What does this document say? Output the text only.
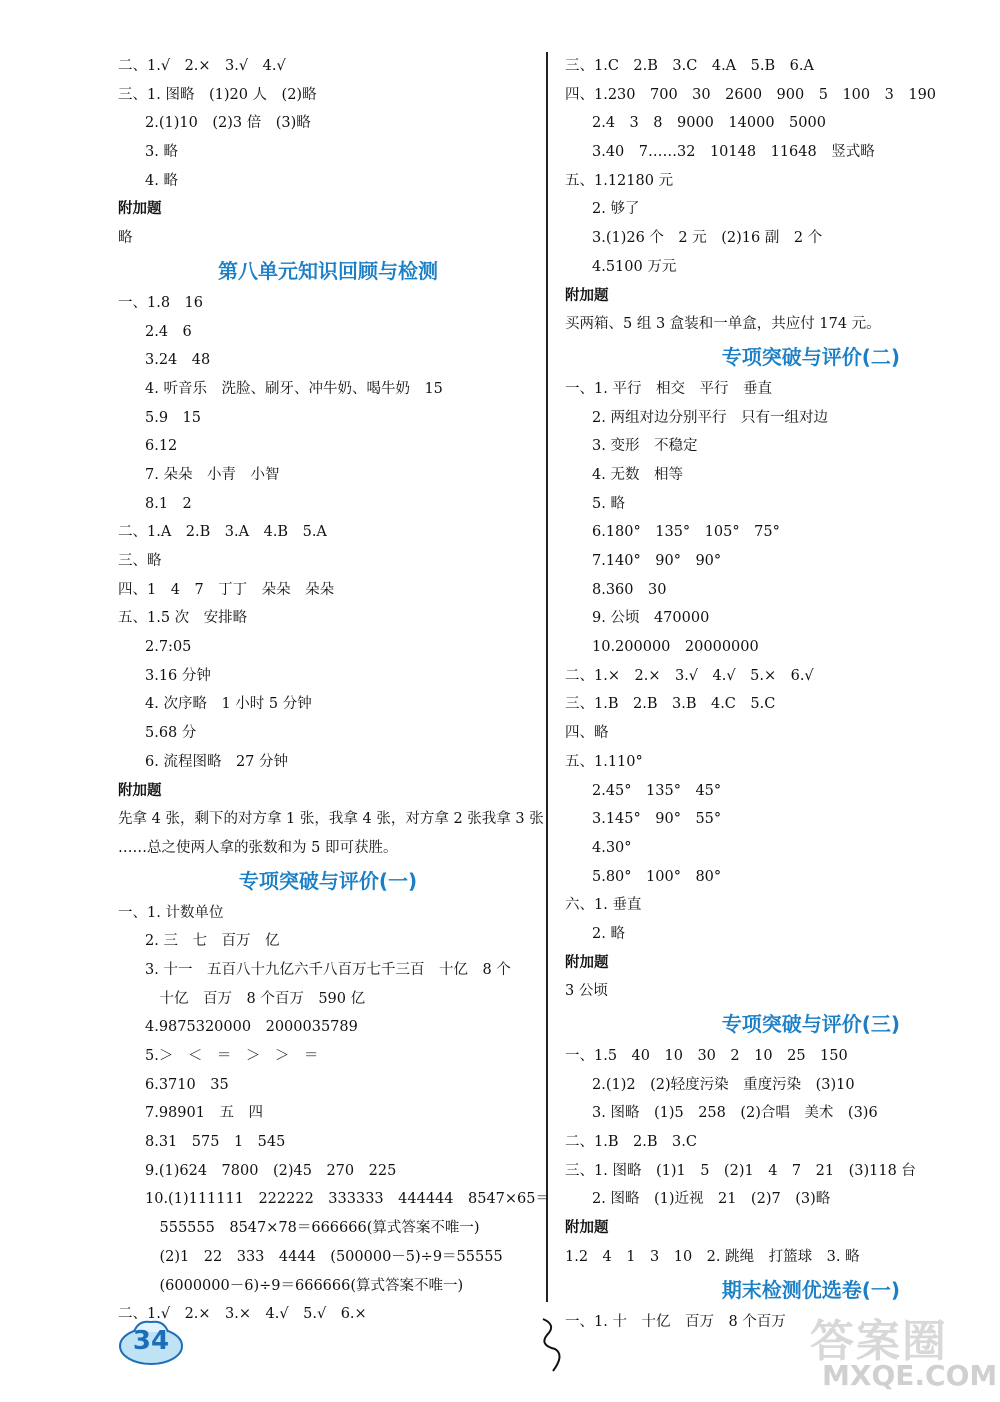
二、1.√　2.×　3.√　4.√
三、1. 图略　(1)20 人　(2)略
2.(1)10　(2)3 倍　(3)略
3. 略
4. 略
附加题
略
第八单元知识回顾与检测
一、1.8　16
2.4　6
3.24　48
4. 听音乐　洗脸、刷牙、冲牛奶、喝牛奶　15
5.9　15
6.12
7. 朵朵　小青　小智
8.1　2
二、1.A　2.B　3.A　4.B　5.A
三、略
四、1　4　7　丁丁　朵朵　朵朵
五、1.5 次　安排略
2.7:05
3.16 分钟
4. 次序略　1 小时 5 分钟
5.68 分
6. 流程图略　27 分钟
附加题
先拿 4 张，剩下的对方拿 1 张，我拿 4 张，对方拿 2 张我拿 3 张
……总之使两人拿的张数和为 5 即可获胜。
专项突破与评价(一)
一、1. 计数单位
2. 三　七　百万　亿
3. 十一　五百八十九亿六千八百万七千三百　十亿　8 个
　十亿　百万　8 个百万　590 亿
4.9875320000　2000035789
5.＞　＜　＝　＞　＞　＝
6.3710　35
7.98901　五　四
8.31　575　1　545
9.(1)624　7800　(2)45　270　225
10.(1)111111　222222　333333　444444　8547×65＝
　555555　8547×78＝666666(算式答案不唯一)
　(2)1　22　333　4444　(500000－5)÷9＝55555
　(6000000－6)÷9＝666666(算式答案不唯一)
二、1.√　2.×　3.×　4.√　5.√　6.×
三、1.C　2.B　3.C　4.A　5.B　6.A
四、1.230　700　30　2600　900　5　100　3　190
2.4　3　8　9000　14000　5000
3.40　7……32　10148　11648　竖式略
五、1.12180 元
2. 够了
3.(1)26 个　2 元　(2)16 副　2 个
4.5100 万元
附加题
买两箱、5 组 3 盒装和一单盒，共应付 174 元。
专项突破与评价(二)
一、1. 平行　相交　平行　垂直
2. 两组对边分别平行　只有一组对边
3. 变形　不稳定
4. 无数　相等
5. 略
6.180°　135°　105°　75°
7.140°　90°　90°
8.360　30
9. 公顷　470000
10.200000　20000000
二、1.×　2.×　3.√　4.√　5.×　6.√
三、1.B　2.B　3.B　4.C　5.C
四、略
五、1.110°
2.45°　135°　45°
3.145°　90°　55°
4.30°
5.80°　100°　80°
六、1. 垂直
2. 略
附加题
3 公顷
专项突破与评价(三)
一、1.5　40　10　30　2　10　25　150
2.(1)2　(2)轻度污染　重度污染　(3)10
3. 图略　(1)5　258　(2)合唱　美术　(3)6
二、1.B　2.B　3.C
三、1. 图略　(1)1　5　(2)1　4　7　21　(3)118 台
2. 图略　(1)近视　21　(2)7　(3)略
附加题
1.2　4　1　3　10　2. 跳绳　打篮球　3. 略
期末检测优选卷(一)
一、1. 十　十亿　百万　8 个百万
34	答案圈
MXQE.COM
